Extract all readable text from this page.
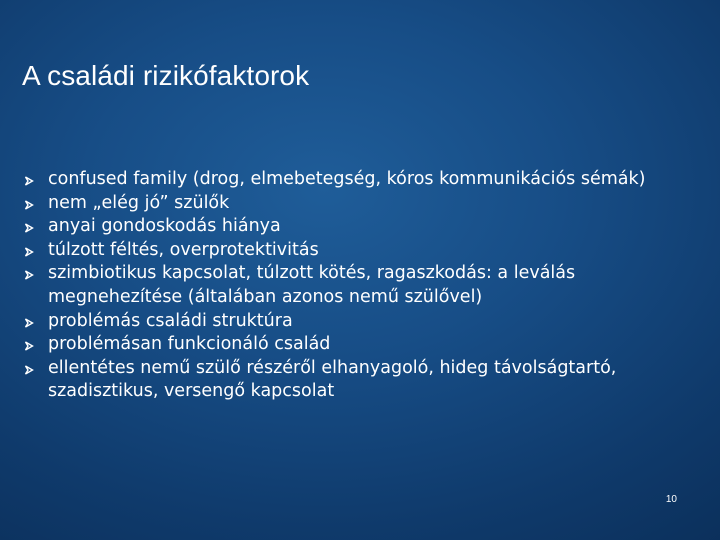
A családi rizikófaktorok
confused family (drog, elmebetegség, kóros kommunikációs sémák)
nem „elég jó” szülők
anyai gondoskodás hiánya
túlzott féltés, overprotektivitás
szimbiotikus kapcsolat, túlzott kötés, ragaszkodás: a leválás megnehezítése (általában azonos nemű szülővel)
problémás családi struktúra
problémásan funkcionáló család
ellentétes nemű szülő részéről elhanyagoló, hideg távolságtartó, szadisztikus, versengő kapcsolat
10
